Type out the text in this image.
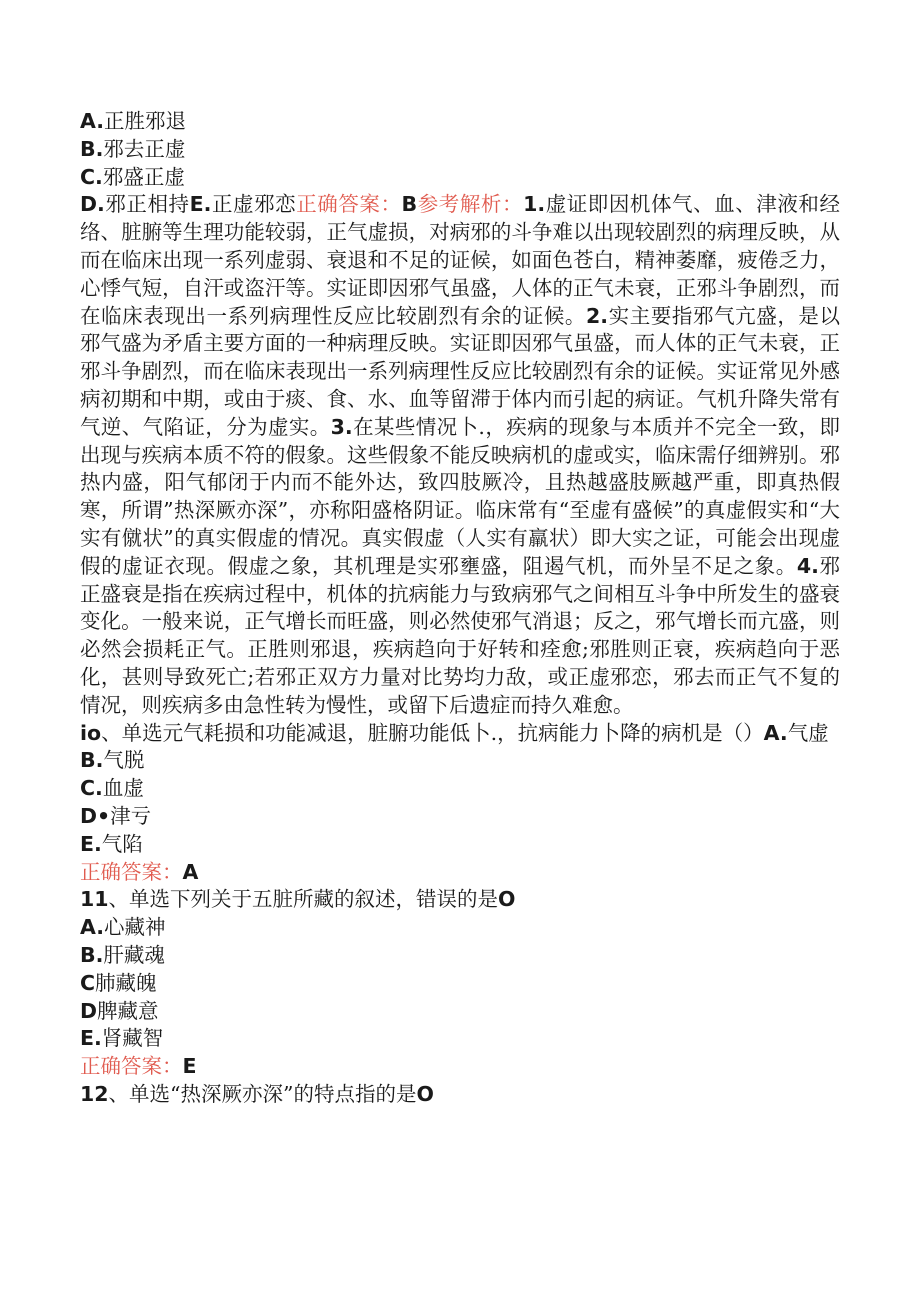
A.正胜邪退
B.邪去正虚
C.邪盛正虚
D.邪正相持E.正虚邪恋正确答案：B参考解析：1.虚证即因机体气、血、津液和经络、脏腑等生理功能较弱，正气虚损，对病邪的斗争难以出现较剧烈的病理反映，从而在临床出现一系列虚弱、衰退和不足的证候，如面色苍白，精神萎靡，疲倦乏力，心悸气短，自汗或盗汗等。实证即因邪气虽盛，人体的正气未衰，正邪斗争剧烈，而在临床表现出一系列病理性反应比较剧烈有余的证候。2.实主要指邪气亢盛，是以邪气盛为矛盾主要方面的一种病理反映。实证即因邪气虽盛，而人体的正气未衰，正邪斗争剧烈，而在临床表现出一系列病理性反应比较剧烈有余的证候。实证常见外感病初期和中期，或由于痰、食、水、血等留滞于体内而引起的病证。气机升降失常有气逆、气陷证，分为虚实。3.在某些情况卜.，疾病的现象与本质并不完全一致，即出现与疾病本质不符的假象。这些假象不能反映病机的虚或实，临床需仔细辨别。邪热内盛，阳气郁闭于内而不能外达，致四肢厥冷，且热越盛肢厥越严重，即真热假寒，所谓”热深厥亦深”，亦称阳盛格阴证。临床常有“至虚有盛候”的真虚假实和“大实有僦状”的真实假虚的情况。真实假虚（人实有羸状）即大实之证，可能会出现虚假的虚证衣现。假虚之象，其机理是实邪壅盛，阻遏气机，而外呈不足之象。4.邪正盛衰是指在疾病过程中，机体的抗病能力与致病邪气之间相互斗争中所发生的盛衰变化。一般来说，正气增长而旺盛，则必然使邪气消退；反之，邪气增长而亢盛，则必然会损耗正气。正胜则邪退，疾病趋向于好转和痊愈;邪胜则正衰，疾病趋向于恶化，甚则导致死亡;若邪正双方力量对比势均力敌，或正虚邪恋，邪去而正气不复的情况，则疾病多由急性转为慢性，或留下后遗症而持久难愈。
io、单选元气耗损和功能减退，脏腑功能低卜.，抗病能力卜降的病机是（）A.气虚
B.气脱
C.血虚
D•津亏
E.气陷
正确答案：A
11、单选下列关于五脏所藏的叙述，错误的是O
A.心藏神
B.肝藏魂
C肺藏魄
D脾藏意
E.肾藏智
正确答案：E
12、单选“热深厥亦深”的特点指的是O
